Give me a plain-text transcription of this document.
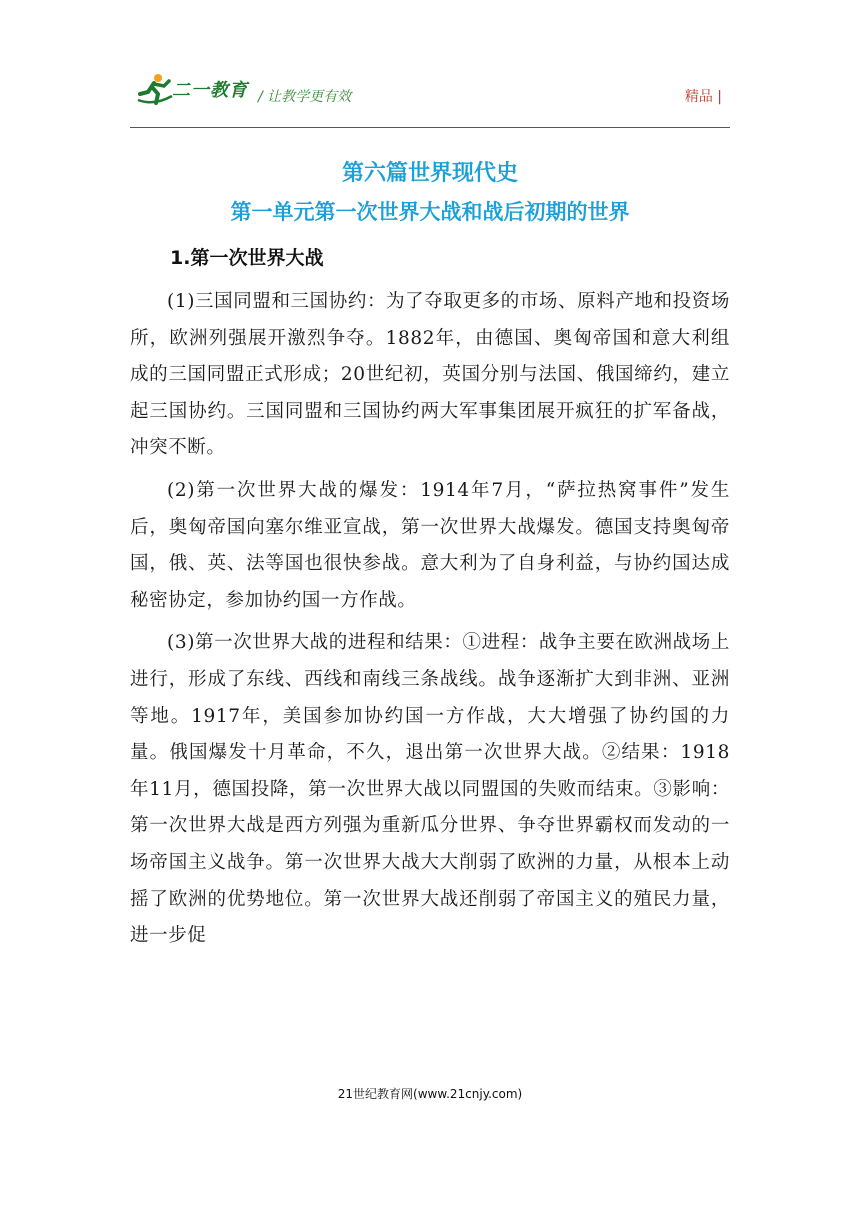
二一教育 / 让教学更有效	精品 |
第六篇世界现代史
第一单元第一次世界大战和战后初期的世界
1.第一次世界大战

(1)三国同盟和三国协约：为了夺取更多的市场、原料产地和投资场所，欧洲列强展开激烈争夺。1882年，由德国、奥匈帝国和意大利组成的三国同盟正式形成；20世纪初，英国分别与法国、俄国缔约，建立起三国协约。三国同盟和三国协约两大军事集团展开疯狂的扩军备战，冲突不断。

(2)第一次世界大战的爆发：1914年7月，“萨拉热窝事件”发生后，奥匈帝国向塞尔维亚宣战，第一次世界大战爆发。德国支持奥匈帝国，俄、英、法等国也很快参战。意大利为了自身利益，与协约国达成秘密协定，参加协约国一方作战。

(3)第一次世界大战的进程和结果：①进程：战争主要在欧洲战场上进行，形成了东线、西线和南线三条战线。战争逐渐扩大到非洲、亚洲等地。1917年，美国参加协约国一方作战，大大增强了协约国的力量。俄国爆发十月革命，不久，退出第一次世界大战。②结果：1918年11月，德国投降，第一次世界大战以同盟国的失败而结束。③影响：第一次世界大战是西方列强为重新瓜分世界、争夺世界霸权而发动的一场帝国主义战争。第一次世界大战大大削弱了欧洲的力量，从根本上动摇了欧洲的优势地位。第一次世界大战还削弱了帝国主义的殖民力量，进一步促

21世纪教育网(www.21cnjy.com)
